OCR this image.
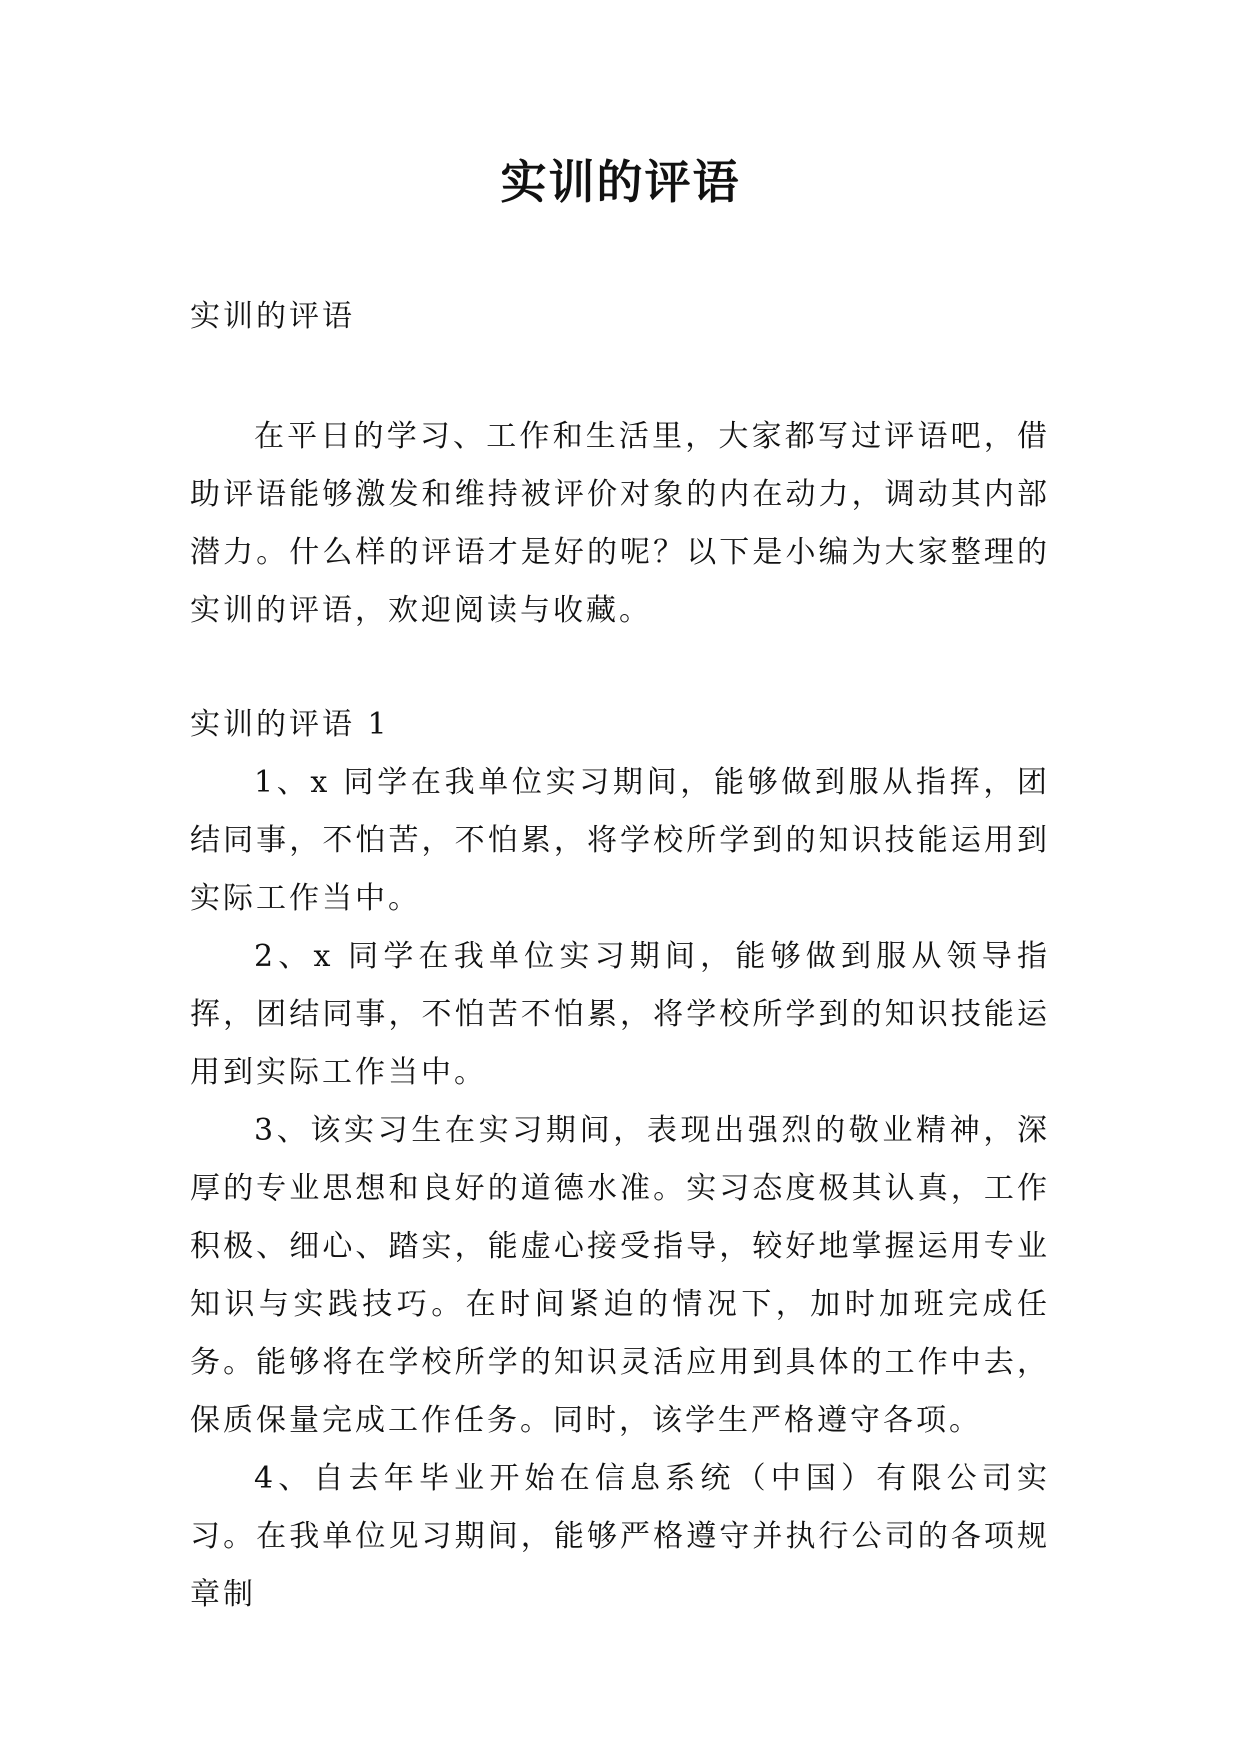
实训的评语

实训的评语

在平日的学习、工作和生活里，大家都写过评语吧，借助评语能够激发和维持被评价对象的内在动力，调动其内部潜力。什么样的评语才是好的呢？以下是小编为大家整理的实训的评语，欢迎阅读与收藏。

实训的评语 1

1、x 同学在我单位实习期间，能够做到服从指挥，团结同事，不怕苦，不怕累，将学校所学到的知识技能运用到实际工作当中。

2、x 同学在我单位实习期间，能够做到服从领导指挥，团结同事，不怕苦不怕累，将学校所学到的知识技能运用到实际工作当中。

3、该实习生在实习期间，表现出强烈的敬业精神，深厚的专业思想和良好的道德水准。实习态度极其认真，工作积极、细心、踏实，能虚心接受指导，较好地掌握运用专业知识与实践技巧。在时间紧迫的情况下，加时加班完成任务。能够将在学校所学的知识灵活应用到具体的工作中去，保质保量完成工作任务。同时，该学生严格遵守各项。

4、自去年毕业开始在信息系统（中国）有限公司实习。在我单位见习期间，能够严格遵守并执行公司的各项规章制
